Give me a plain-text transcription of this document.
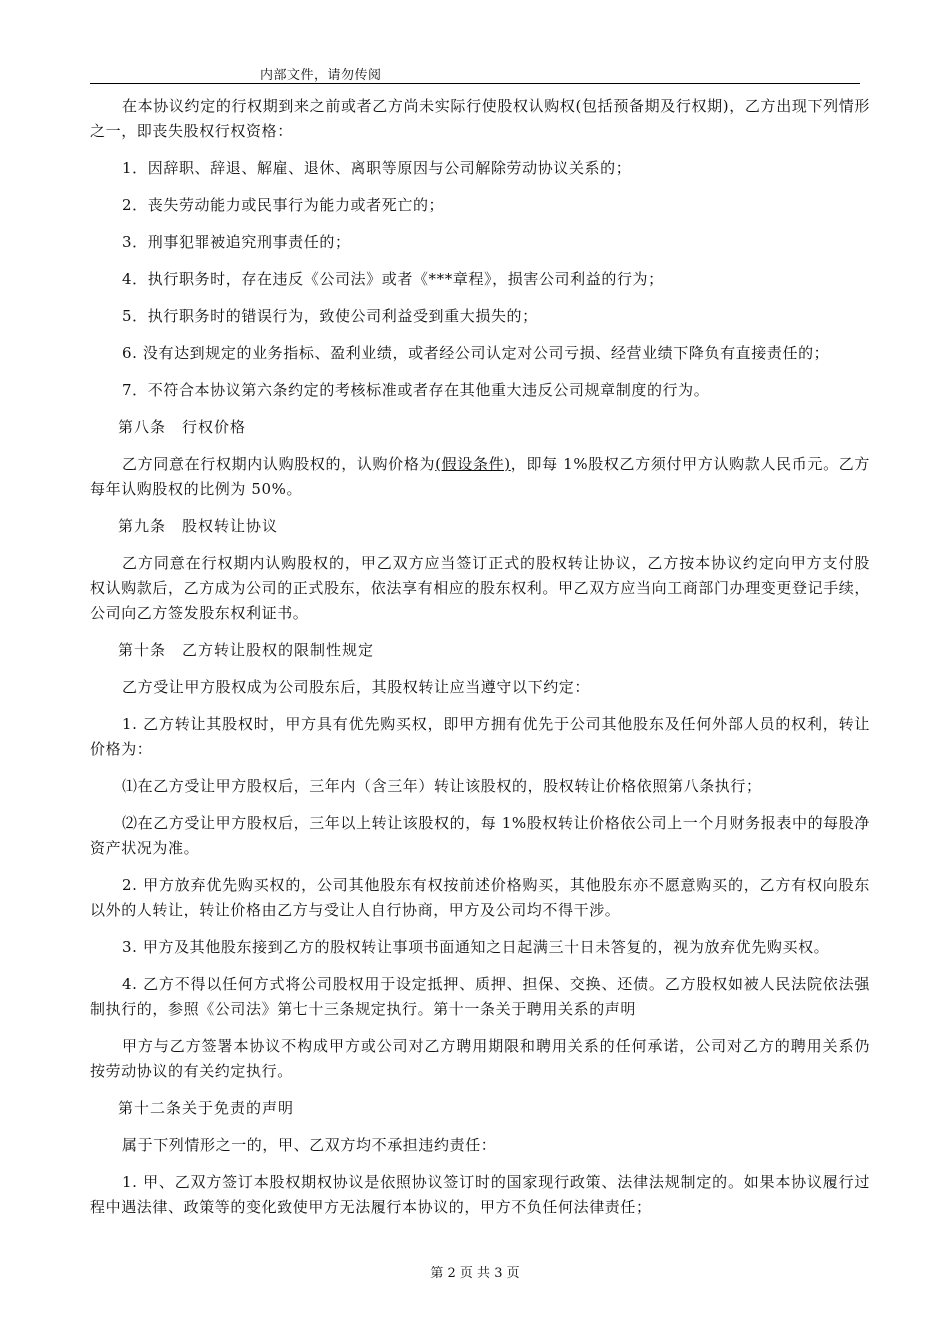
内部文件，请勿传阅

在本协议约定的行权期到来之前或者乙方尚未实际行使股权认购权(包括预备期及行权期)，乙方出现下列情形之一，即丧失股权行权资格：

1．因辞职、辞退、解雇、退休、离职等原因与公司解除劳动协议关系的；

2．丧失劳动能力或民事行为能力或者死亡的；

3．刑事犯罪被追究刑事责任的；

4．执行职务时，存在违反《公司法》或者《***章程》，损害公司利益的行为；

5．执行职务时的错误行为，致使公司利益受到重大损失的；

6. 没有达到规定的业务指标、盈利业绩，或者经公司认定对公司亏损、经营业绩下降负有直接责任的；

7．不符合本协议第六条约定的考核标准或者存在其他重大违反公司规章制度的行为。

第八条　行权价格

乙方同意在行权期内认购股权的，认购价格为(假设条件)，即每 1%股权乙方须付甲方认购款人民币元。乙方每年认购股权的比例为 50%。

第九条　股权转让协议

乙方同意在行权期内认购股权的，甲乙双方应当签订正式的股权转让协议，乙方按本协议约定向甲方支付股权认购款后，乙方成为公司的正式股东，依法享有相应的股东权利。甲乙双方应当向工商部门办理变更登记手续，公司向乙方签发股东权利证书。

第十条　乙方转让股权的限制性规定

乙方受让甲方股权成为公司股东后，其股权转让应当遵守以下约定：

1. 乙方转让其股权时，甲方具有优先购买权，即甲方拥有优先于公司其他股东及任何外部人员的权利，转让价格为：

⑴在乙方受让甲方股权后，三年内（含三年）转让该股权的，股权转让价格依照第八条执行；

⑵在乙方受让甲方股权后，三年以上转让该股权的，每 1%股权转让价格依公司上一个月财务报表中的每股净资产状况为准。

2. 甲方放弃优先购买权的，公司其他股东有权按前述价格购买，其他股东亦不愿意购买的，乙方有权向股东以外的人转让，转让价格由乙方与受让人自行协商，甲方及公司均不得干涉。

3. 甲方及其他股东接到乙方的股权转让事项书面通知之日起满三十日未答复的，视为放弃优先购买权。

4. 乙方不得以任何方式将公司股权用于设定抵押、质押、担保、交换、还债。乙方股权如被人民法院依法强制执行的，参照《公司法》第七十三条规定执行。第十一条关于聘用关系的声明

甲方与乙方签署本协议不构成甲方或公司对乙方聘用期限和聘用关系的任何承诺，公司对乙方的聘用关系仍按劳动协议的有关约定执行。

第十二条关于免责的声明

属于下列情形之一的，甲、乙双方均不承担违约责任：

1. 甲、乙双方签订本股权期权协议是依照协议签订时的国家现行政策、法律法规制定的。如果本协议履行过程中遇法律、政策等的变化致使甲方无法履行本协议的，甲方不负任何法律责任；

第 2 页 共 3 页
